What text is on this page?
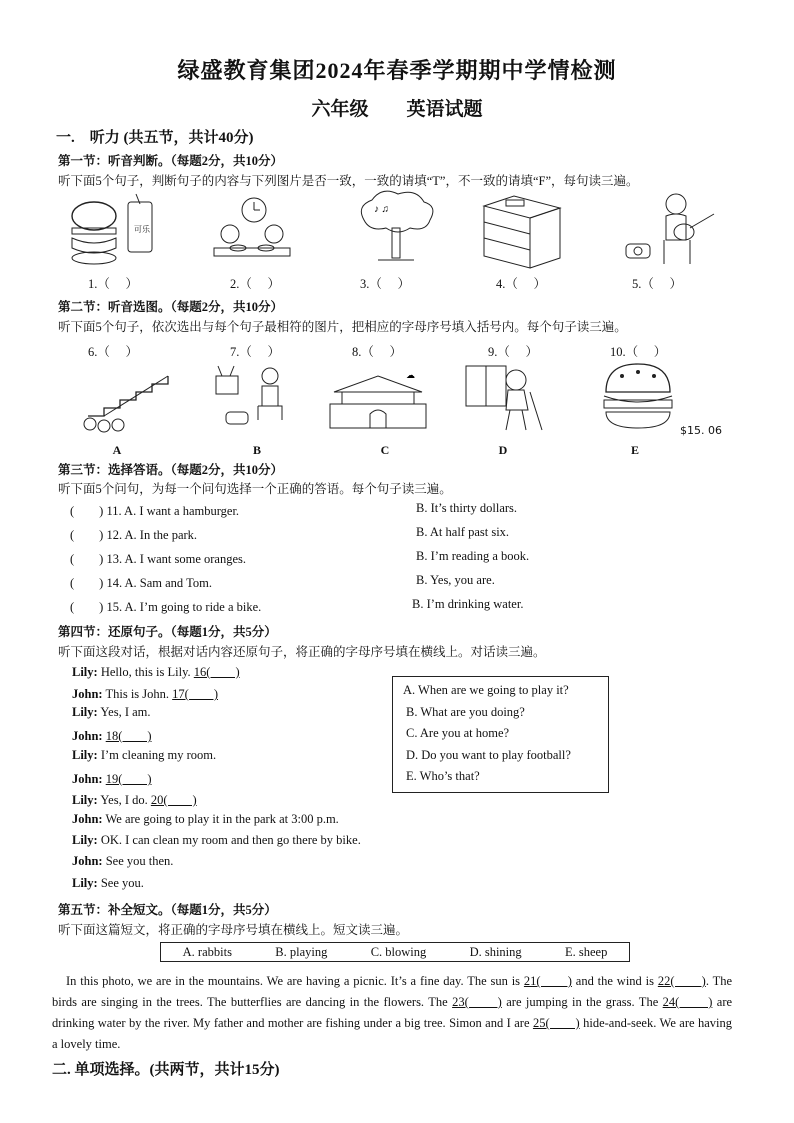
绿盛教育集团2024年春季学期期中学情检测
六年级 英语试题
一.　听力 (共五节，共计40分)
第一节：听音判断。（每题2分，共10分）
听下面5个句子，判断句子的内容与下列图片是否一致，一致的请填“T”，不一致的请填“F”，每句读三遍。
可乐
1.（　 ）	2.（　 ）
♪ ♫
3.（　 ）	4.（　 ）	5.（　 ）
第二节：听音选图。（每题2分，共10分）
听下面5个句子，依次选出与每个句子最相符的图片，把相应的字母序号填入括号内。每个句子读三遍。
6.（　 ）	7.（　 ）	8.（　 ）	9.（　 ）	10.（　 ）
A	B
☁
C	D
$15. 06
E
第三节：选择答语。（每题2分，共10分）
听下面5个问句，为每一个问句选择一个正确的答语。每个句子读三遍。
(　　) 11. A. I want a hamburger.	B. It’s thirty dollars.
(　　) 12. A. In the park.	B. At half past six.
(　　) 13. A. I want some oranges.	B. I’m reading a book.
(　　) 14. A. Sam and Tom.	B. Yes, you are.
(　　) 15. A. I’m going to ride a bike.	B. I’m drinking water.
第四节：还原句子。（每题1分，共5分）
听下面这段对话，根据对话内容还原句子，将正确的字母序号填在横线上。对话读三遍。
Lily: Hello, this is Lily. 16(　　)
John: This is John. 17(　　)
Lily: Yes, I am.
John: 18(　　)
Lily: I’m cleaning my room.
John: 19(　　)
Lily: Yes, I do. 20(　　)
John: We are going to play it in the park at 3:00 p.m.
Lily: OK. I can clean my room and then go there by bike.
John: See you then.
Lily: See you.
A. When are we going to play it?
B. What are you doing?
C. Are you at home?
D. Do you want to play football?
E. Who’s that?
第五节：补全短文。（每题1分，共5分）
听下面这篇短文，将正确的字母序号填在横线上。短文读三遍。
A. rabbits	B. playing	C. blowing	D. shining	E. sheep
In this photo, we are in the mountains. We are having a picnic. It’s a fine day. The sun is 21(　　) and the wind is 22(　　). The birds are singing in the trees. The butterflies are dancing in the flowers. The 23(　　) are jumping in the grass. The 24(　　) are drinking water by the river. My father and mother are fishing under a big tree. Simon and I are 25(　　) hide-and-seek. We are having a lovely time.
二. 单项选择。(共两节，共计15分)
